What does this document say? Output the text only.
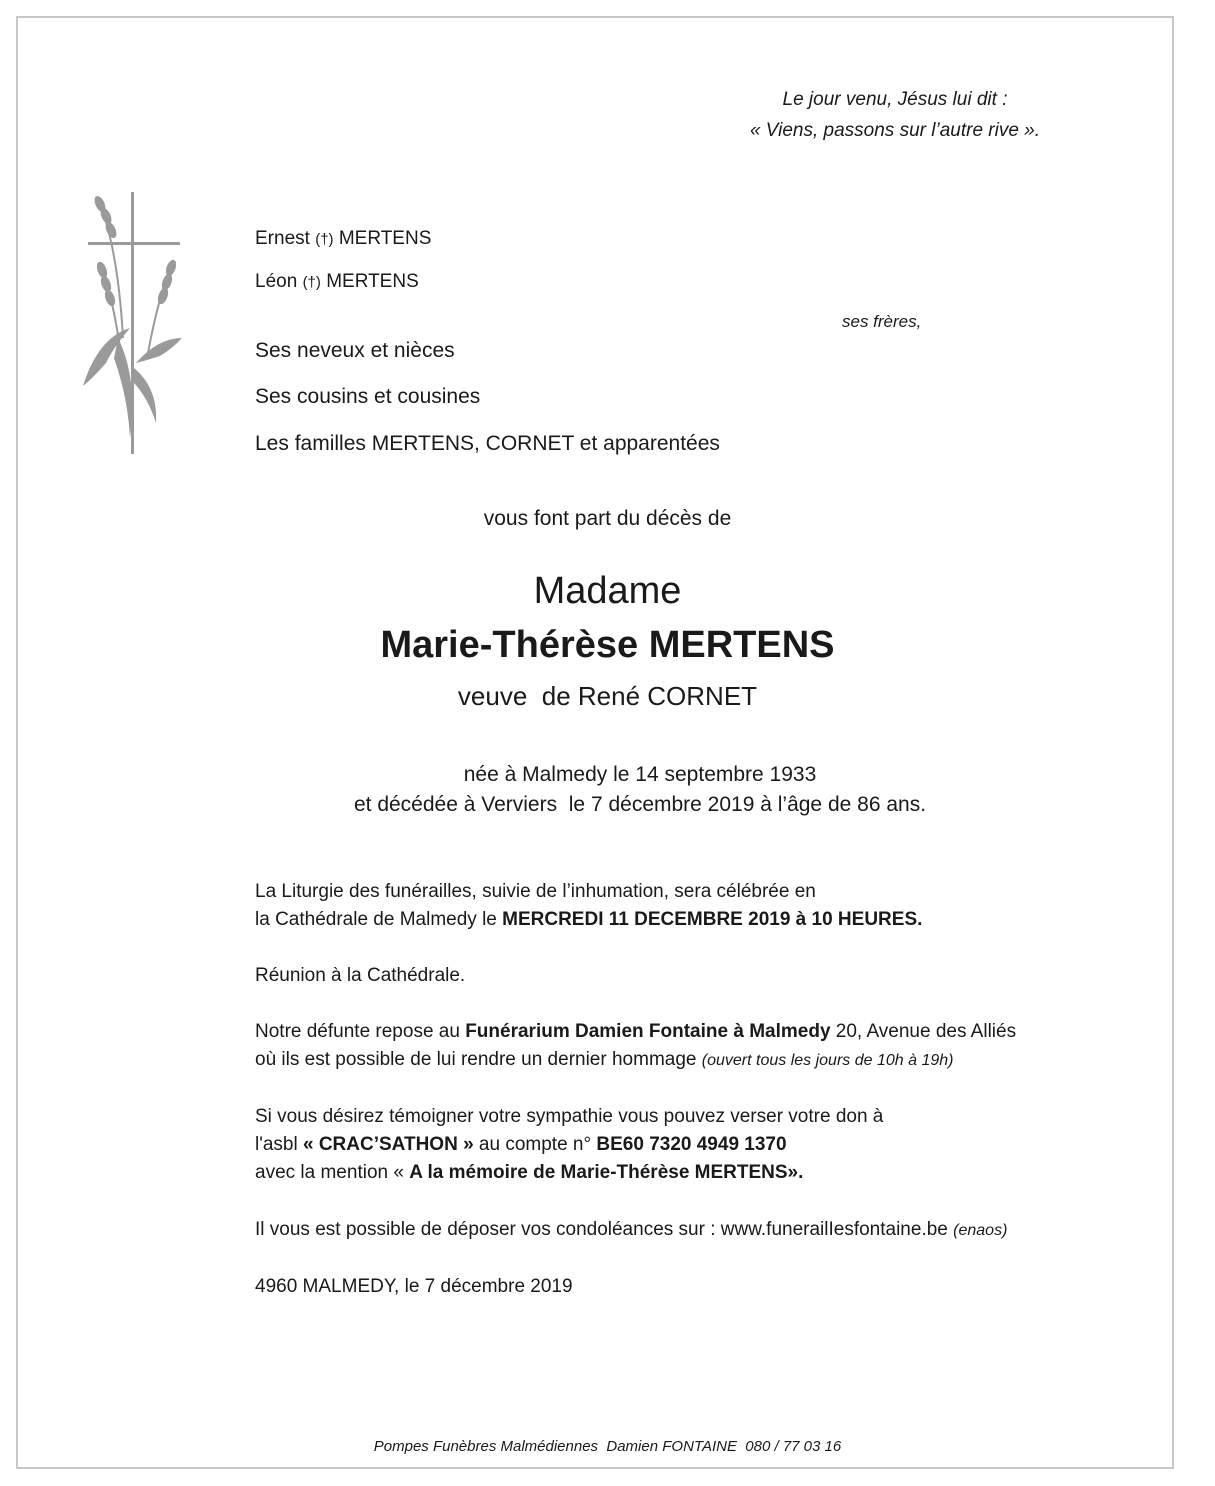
Le jour venu, Jésus lui dit :
« Viens, passons sur l’autre rive ».
Ernest (†) MERTENS
Léon (†) MERTENS
ses frères,
Ses neveux et nièces
Ses cousins et cousines
Les familles MERTENS, CORNET et apparentées
vous font part du décès de
Madame
Marie-Thérèse MERTENS
veuve  de René CORNET
née à Malmedy le 14 septembre 1933
et décédée à Verviers  le 7 décembre 2019 à l’âge de 86 ans.
La Liturgie des funérailles, suivie de l’inhumation, sera célébrée en
la Cathédrale de Malmedy le MERCREDI 11 DECEMBRE 2019 à 10 HEURES.
Réunion à la Cathédrale.
Notre défunte repose au Funérarium Damien Fontaine à Malmedy 20, Avenue des Alliés
où ils est possible de lui rendre un dernier hommage (ouvert tous les jours de 10h à 19h)
Si vous désirez témoigner votre sympathie vous pouvez verser votre don à
l'asbl « CRAC’SATHON » au compte n° BE60 7320 4949 1370
avec la mention « A la mémoire de Marie-Thérèse MERTENS».
Il vous est possible de déposer vos condoléances sur : www.funerailIesfontaine.be (enaos)
4960 MALMEDY, le 7 décembre 2019
Pompes Funèbres Malmédiennes  Damien FONTAINE  080 / 77 03 16
